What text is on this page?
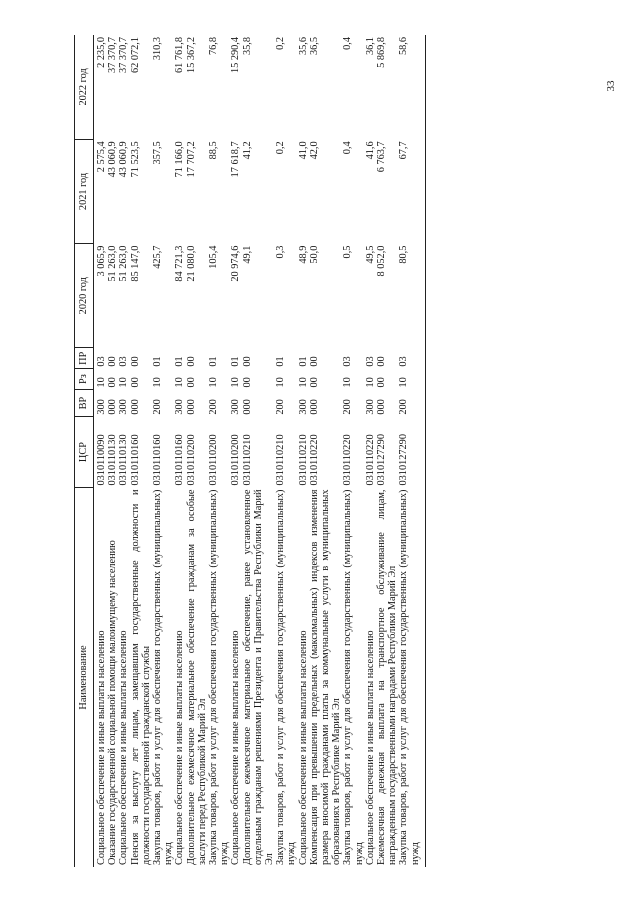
33
Наименование	ЦСР	ВР	Рз	ПР	2020 год	2021 год	2022 год
Социальное обеспечение и иные выплаты населению	0310110090	300	10	03	3 065,9	2 575,4	2 235,0
Оказание государственной социальной помощи малоимущему населению	0310110130	000	00	00	51 263,0	43 060,9	37 370,7
Социальное обеспечение и иные выплаты населению	0310110130	300	10	03	51 263,0	43 060,9	37 370,7
Пенсия за выслугу лет лицам, замещавшим государственные должности и должности государственной гражданской службы	0310110160	000	00	00	85 147,0	71 523,5	62 072,1
Закупка товаров, работ и услуг для обеспечения государственных (муниципальных) нужд	0310110160	200	10	01	425,7	357,5	310,3
Социальное обеспечение и иные выплаты населению	0310110160	300	10	01	84 721,3	71 166,0	61 761,8
Дополнительное ежемесячное материальное обеспечение гражданам за особые заслуги перед Республикой Марий Эл	0310110200	000	00	00	21 080,0	17 707,2	15 367,2
Закупка товаров, работ и услуг для обеспечения государственных (муниципальных) нужд	0310110200	200	10	01	105,4	88,5	76,8
Социальное обеспечение и иные выплаты населению	0310110200	300	10	01	20 974,6	17 618,7	15 290,4
Дополнительное ежемесячное материальное обеспечение, ранее установленное отдельным гражданам решениями Президента и Правительства Республики Марий Эл	0310110210	000	00	00	49,1	41,2	35,8
Закупка товаров, работ и услуг для обеспечения государственных (муниципальных) нужд	0310110210	200	10	01	0,3	0,2	0,2
Социальное обеспечение и иные выплаты населению	0310110210	300	10	01	48,9	41,0	35,6
Компенсация при превышении предельных (максимальных) индексов изменения размера вносимой гражданами платы за коммунальные услуги в муниципальных образованиях в Республике Марий Эл	0310110220	000	00	00	50,0	42,0	36,5
Закупка товаров, работ и услуг для обеспечения государственных (муниципальных) нужд	0310110220	200	10	03	0,5	0,4	0,4
Социальное обеспечение и иные выплаты населению	0310110220	300	10	03	49,5	41,6	36,1
Ежемесячная денежная выплата на транспортное обслуживание лицам, награжденным государственными наградами Республики Марий Эл	0310127290	000	00	00	8 052,0	6 763,7	5 869,8
Закупка товаров, работ и услуг для обеспечения государственных (муниципальных) нужд	0310127290	200	10	03	80,5	67,7	58,6
